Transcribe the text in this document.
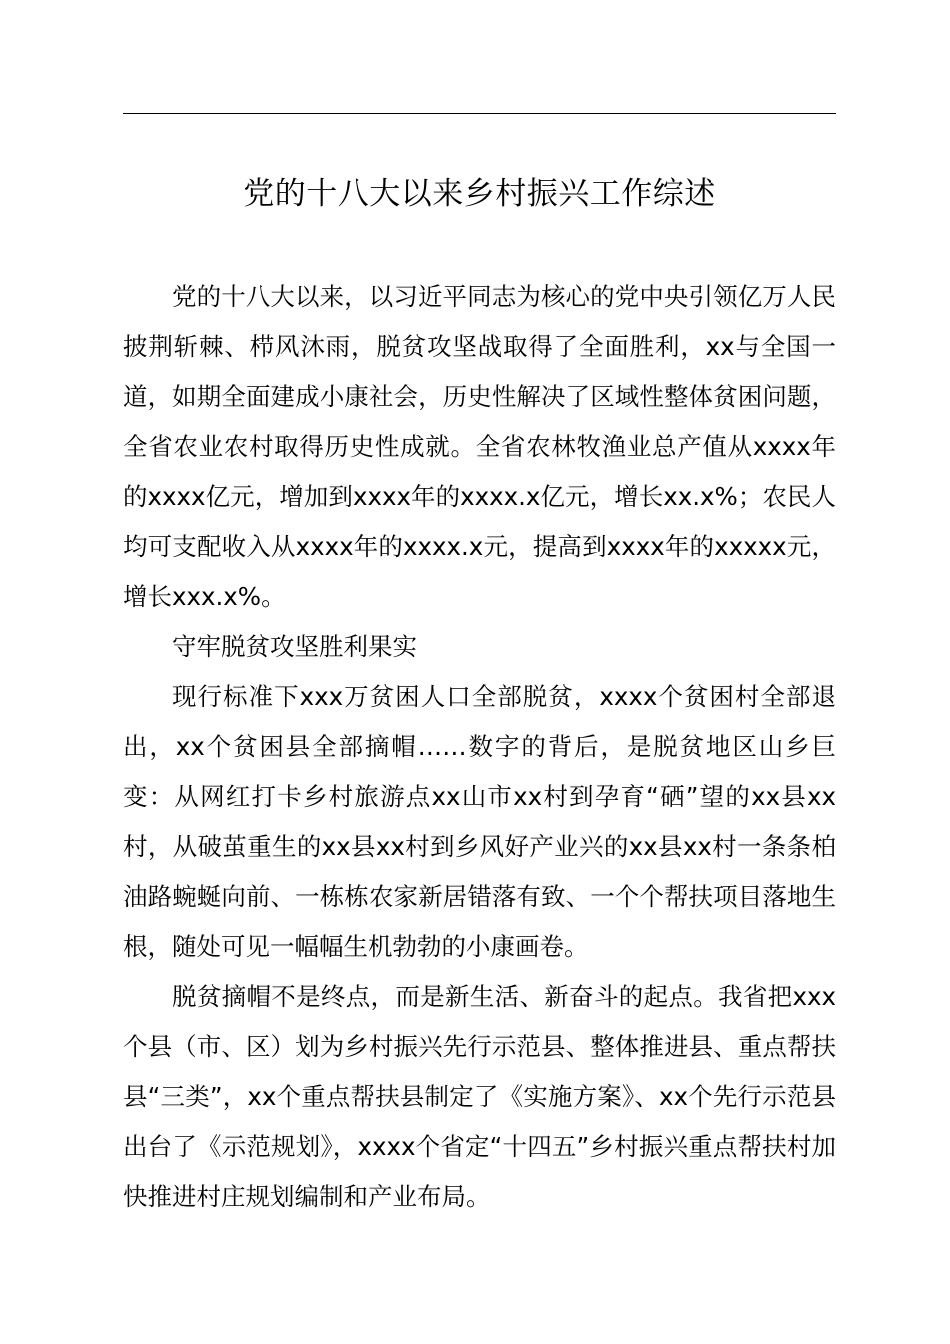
党的十八大以来乡村振兴工作综述

党的十八大以来，以习近平同志为核心的党中央引领亿万人民披荆斩棘、栉风沐雨，脱贫攻坚战取得了全面胜利，xx与全国一道，如期全面建成小康社会，历史性解决了区域性整体贫困问题，全省农业农村取得历史性成就。全省农林牧渔业总产值从xxxx年的xxxx亿元，增加到xxxx年的xxxx.x亿元，增长xx.x%；农民人均可支配收入从xxxx年的xxxx.x元，提高到xxxx年的xxxxx元，增长xxx.x%。

守牢脱贫攻坚胜利果实

现行标准下xxx万贫困人口全部脱贫，xxxx个贫困村全部退出，xx个贫困县全部摘帽……数字的背后，是脱贫地区山乡巨变：从网红打卡乡村旅游点xx山市xx村到孕育“硒”望的xx县xx村，从破茧重生的xx县xx村到乡风好产业兴的xx县xx村一条条柏油路蜿蜒向前、一栋栋农家新居错落有致、一个个帮扶项目落地生根，随处可见一幅幅生机勃勃的小康画卷。

脱贫摘帽不是终点，而是新生活、新奋斗的起点。我省把xxx个县（市、区）划为乡村振兴先行示范县、整体推进县、重点帮扶县“三类”，xx个重点帮扶县制定了《实施方案》、xx个先行示范县出台了《示范规划》，xxxx个省定“十四五”乡村振兴重点帮扶村加快推进村庄规划编制和产业布局。
